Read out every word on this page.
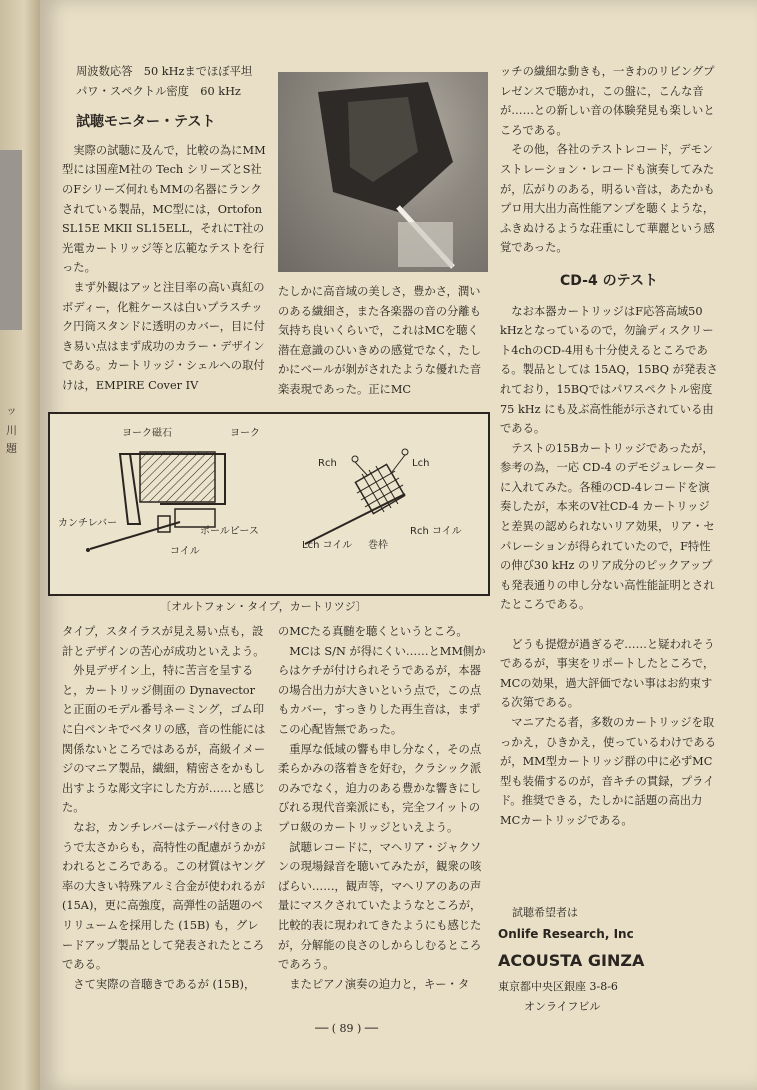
ッ
川
題

周波数応答　50 kHzまでほぼ平坦

パワ・スペクトル密度　60 kHz

試聴モニター・テスト

実際の試聴に及んで，比較の為にMM型には国産M社の Tech シリーズとS社のFシリーズ何れもMMの名器にランクされている製品，MC型には，Ortofon SL15E MKII SL15ELL，それにT社の光電カートリッジ等と広範なテストを行った。

まず外観はアッと注目率の高い真紅のボディー，化粧ケースは白いプラスチック円筒スタンドに透明のカバー，目に付き易い点はまず成功のカラー・デザインである。カートリッジ・シェルへの取付けは，EMPIRE Cover IV

たしかに高音域の美しさ，豊かさ，潤いのある繊細さ，また各楽器の音の分離も気持ち良いくらいで，これはMCを聴く潜在意識のひいきめの感覚でなく，たしかにベールが剝がされたような優れた音楽表現であった。正にMC

ッチの繊細な動きも，一きわのリビングプレゼンスで聴かれ，この盤に，こんな音が……との新しい音の体験発見も楽しいところである。

その他，各社のテストレコード，デモンストレーション・レコードも演奏してみたが，広がりのある，明るい音は，あたかもプロ用大出力高性能アンプを聴くような，ふきぬけるような荘重にして華麗という感覚であった。

CD-4 のテスト

なお本器カートリッジはF応答高域50 kHzとなっているので，勿論ディスクリート4chのCD-4用も十分使えるところである。製品としては 15AQ，15BQ が発表されており，15BQではパワスペクトル密度 75 kHz にも及ぶ高性能が示されている由である。

テストの15Bカートリッジであったが，参考の為，一応 CD-4 のデモジュレーターに入れてみた。各種のCD-4レコードを演奏したが，本来のV社CD-4 カートリッジと差異の認められないリア効果，リア・セパレーションが得られていたので，F特性の伸び30 kHz のリア成分のピックアップも発表通りの申し分ない高性能証明とされたところである。

どうも提燈が過ぎるぞ……と疑われそうであるが，事実をリポートしたところで，MCの効果，過大評価でない事はお約束する次第である。

マニアたる者，多数のカートリッジを取っかえ，ひきかえ，使っているわけであるが，MM型カートリッジ群の中に必ずMC型も装備するのが，音キチの貫録，プライド。推奨できる，たしかに話題の高出力MCカートリッジである。

ヨーク磁石	ヨーク
カンチレバー
ポールピース
コイル
Rch	Lch
Rch コイル
Lch コイル 巻枠
〔オルトフォン・タイプ，カートリツジ〕

タイプ，スタイラスが見え易い点も，設計とデザインの苦心が成功といえよう。

外見デザイン上，特に苦言を呈すると，カートリッジ側面の Dynavector と正面のモデル番号ネーミング，ゴム印に白ペンキでベタリの感，音の性能には関係ないところではあるが，高級イメージのマニア製品，繊細，精密さをかもし出すような彫文字にした方が……と感じた。

なお，カンチレバーはテーパ付きのようで太さからも，高特性の配慮がうかがわれるところである。この材質はヤング率の大きい特殊アルミ合金が使われるが(15A)，更に高強度，高弾性の話題のベリリュームを採用した (15B) も，グレードアップ製品として発表されたところである。

さて実際の音聴きであるが (15B)，

のMCたる真髄を聴くというところ。

MCは S/N が得にくい……とMM側からはケチが付けられそうであるが，本器の場合出力が大きいという点で，この点もカバー，すっきりした再生音は，まずこの心配皆無であった。

重厚な低域の響も申し分なく，その点柔らかみの落着きを好む，クラシック派のみでなく，迫力のある豊かな響きにしびれる現代音楽派にも，完全フイットのプロ級のカートリッジといえよう。

試聴レコードに，マヘリア・ジャクソンの現場録音を聴いてみたが，観衆の咳ばらい……，観声等，マヘリアのあの声量にマスクされていたようなところが，比較的表に現われてきたようにも感じたが，分解能の良さのしからしむるところであろう。

またピアノ演奏の迫力と，キー・タ

試聴希望者は
Onlife Research, Inc
ACOUSTA GINZA
東京都中央区銀座 3-8-6
オンライフビル
── ( 89 ) ──
